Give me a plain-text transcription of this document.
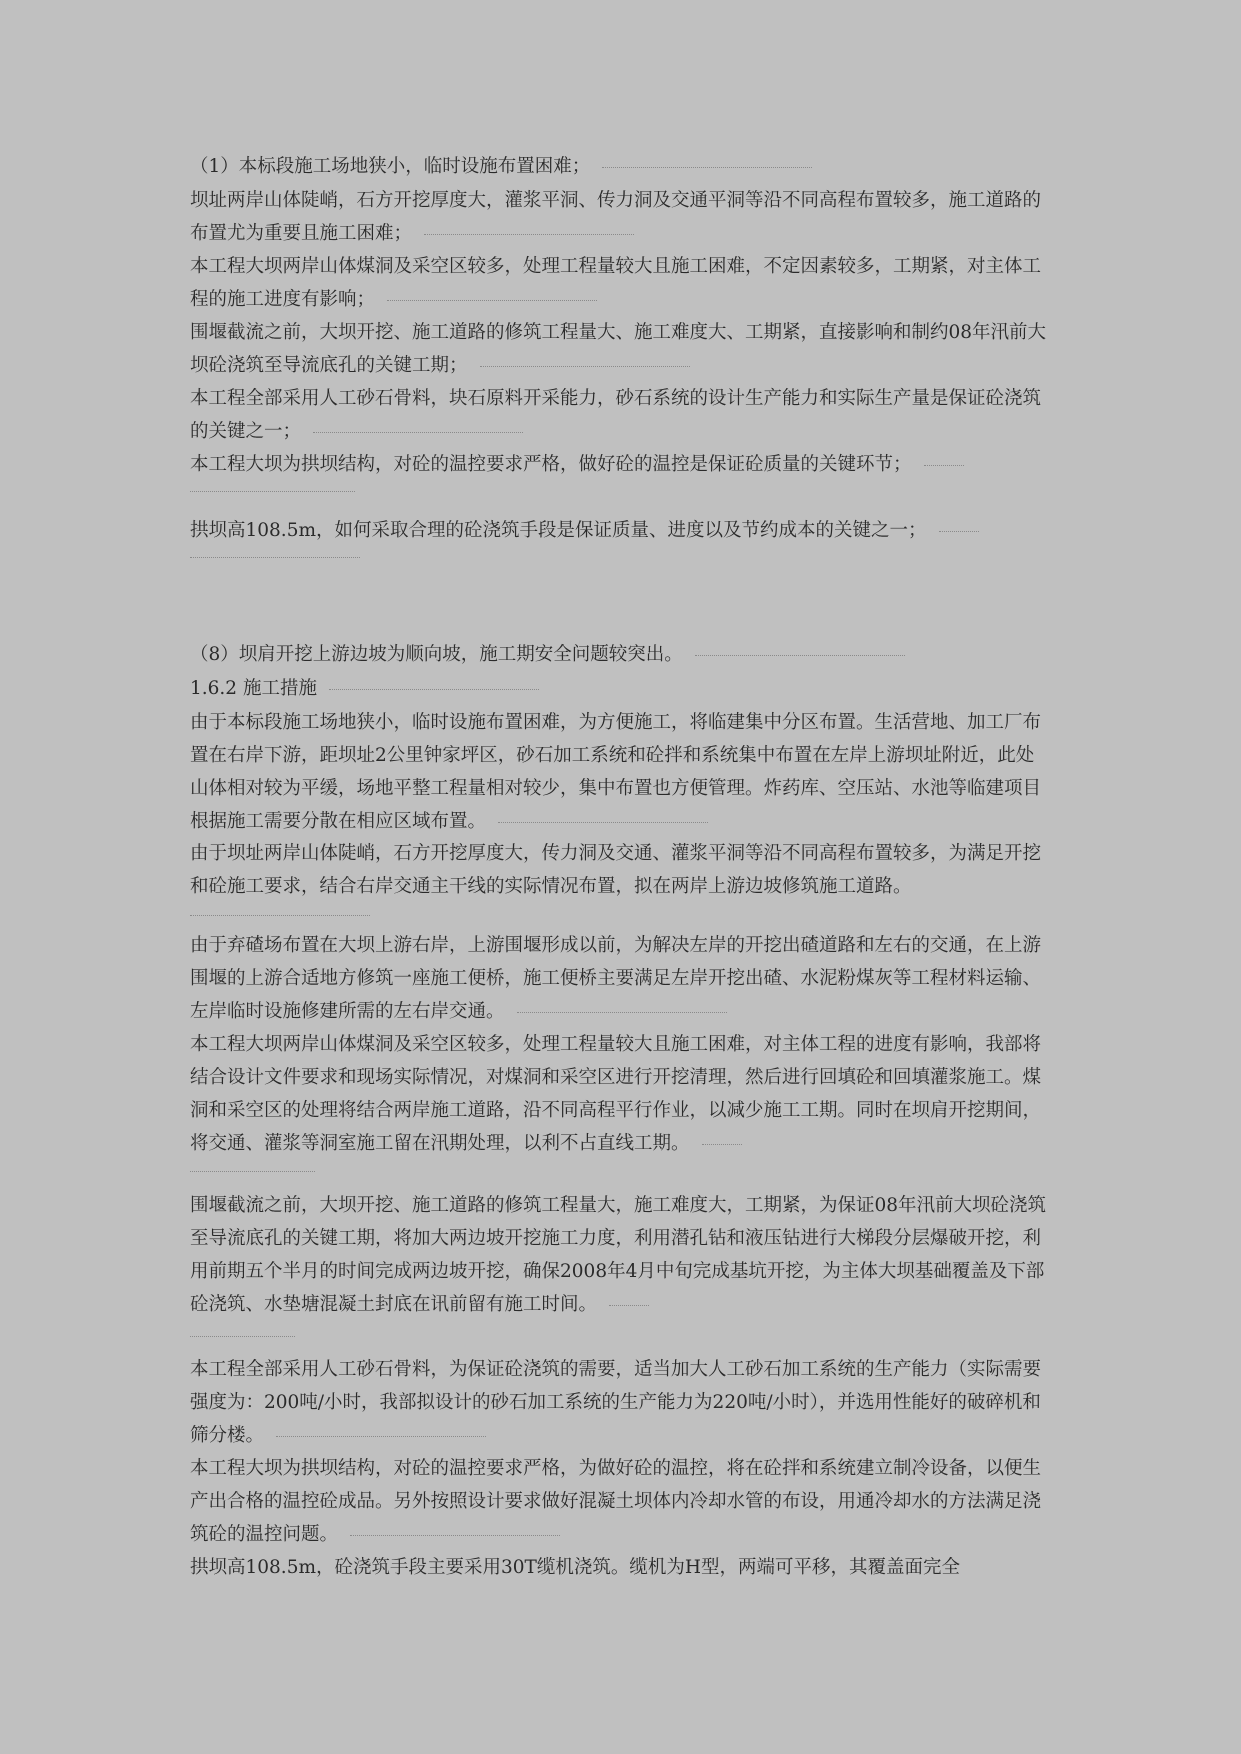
（1）本标段施工场地狭小，临时设施布置困难；

坝址两岸山体陡峭，石方开挖厚度大，灌浆平洞、传力洞及交通平洞等沿不同高程布置较多，施工道路的布置尤为重要且施工困难；

本工程大坝两岸山体煤洞及采空区较多，处理工程量较大且施工困难，不定因素较多，工期紧，对主体工程的施工进度有影响；

围堰截流之前，大坝开挖、施工道路的修筑工程量大、施工难度大、工期紧，直接影响和制约08年汛前大坝砼浇筑至导流底孔的关键工期；

本工程全部采用人工砂石骨料，块石原料开采能力，砂石系统的设计生产能力和实际生产量是保证砼浇筑的关键之一；

本工程大坝为拱坝结构，对砼的温控要求严格，做好砼的温控是保证砼质量的关键环节；

拱坝高108.5m，如何采取合理的砼浇筑手段是保证质量、进度以及节约成本的关键之一；

（8）坝肩开挖上游边坡为顺向坡，施工期安全问题较突出。

1.6.2 施工措施

由于本标段施工场地狭小，临时设施布置困难，为方便施工，将临建集中分区布置。生活营地、加工厂布置在右岸下游，距坝址2公里钟家坪区，砂石加工系统和砼拌和系统集中布置在左岸上游坝址附近，此处山体相对较为平缓，场地平整工程量相对较少，集中布置也方便管理。炸药库、空压站、水池等临建项目根据施工需要分散在相应区域布置。

由于坝址两岸山体陡峭，石方开挖厚度大，传力洞及交通、灌浆平洞等沿不同高程布置较多，为满足开挖和砼施工要求，结合右岸交通主干线的实际情况布置，拟在两岸上游边坡修筑施工道路。

由于弃碴场布置在大坝上游右岸，上游围堰形成以前，为解决左岸的开挖出碴道路和左右的交通，在上游围堰的上游合适地方修筑一座施工便桥，施工便桥主要满足左岸开挖出碴、水泥粉煤灰等工程材料运输、左岸临时设施修建所需的左右岸交通。

本工程大坝两岸山体煤洞及采空区较多，处理工程量较大且施工困难，对主体工程的进度有影响，我部将结合设计文件要求和现场实际情况，对煤洞和采空区进行开挖清理，然后进行回填砼和回填灌浆施工。煤洞和采空区的处理将结合两岸施工道路，沿不同高程平行作业，以减少施工工期。同时在坝肩开挖期间，将交通、灌浆等洞室施工留在汛期处理，以利不占直线工期。

围堰截流之前，大坝开挖、施工道路的修筑工程量大，施工难度大，工期紧，为保证08年汛前大坝砼浇筑至导流底孔的关键工期，将加大两边坡开挖施工力度，利用潜孔钻和液压钻进行大梯段分层爆破开挖，利用前期五个半月的时间完成两边坡开挖，确保2008年4月中旬完成基坑开挖，为主体大坝基础覆盖及下部砼浇筑、水垫塘混凝土封底在讯前留有施工时间。

本工程全部采用人工砂石骨料，为保证砼浇筑的需要，适当加大人工砂石加工系统的生产能力（实际需要强度为：200吨/小时，我部拟设计的砂石加工系统的生产能力为220吨/小时），并选用性能好的破碎机和筛分楼。

本工程大坝为拱坝结构，对砼的温控要求严格，为做好砼的温控，将在砼拌和系统建立制冷设备，以便生产出合格的温控砼成品。另外按照设计要求做好混凝土坝体内冷却水管的布设，用通冷却水的方法满足浇筑砼的温控问题。

拱坝高108.5m，砼浇筑手段主要采用30T缆机浇筑。缆机为H型，两端可平移，其覆盖面完全
